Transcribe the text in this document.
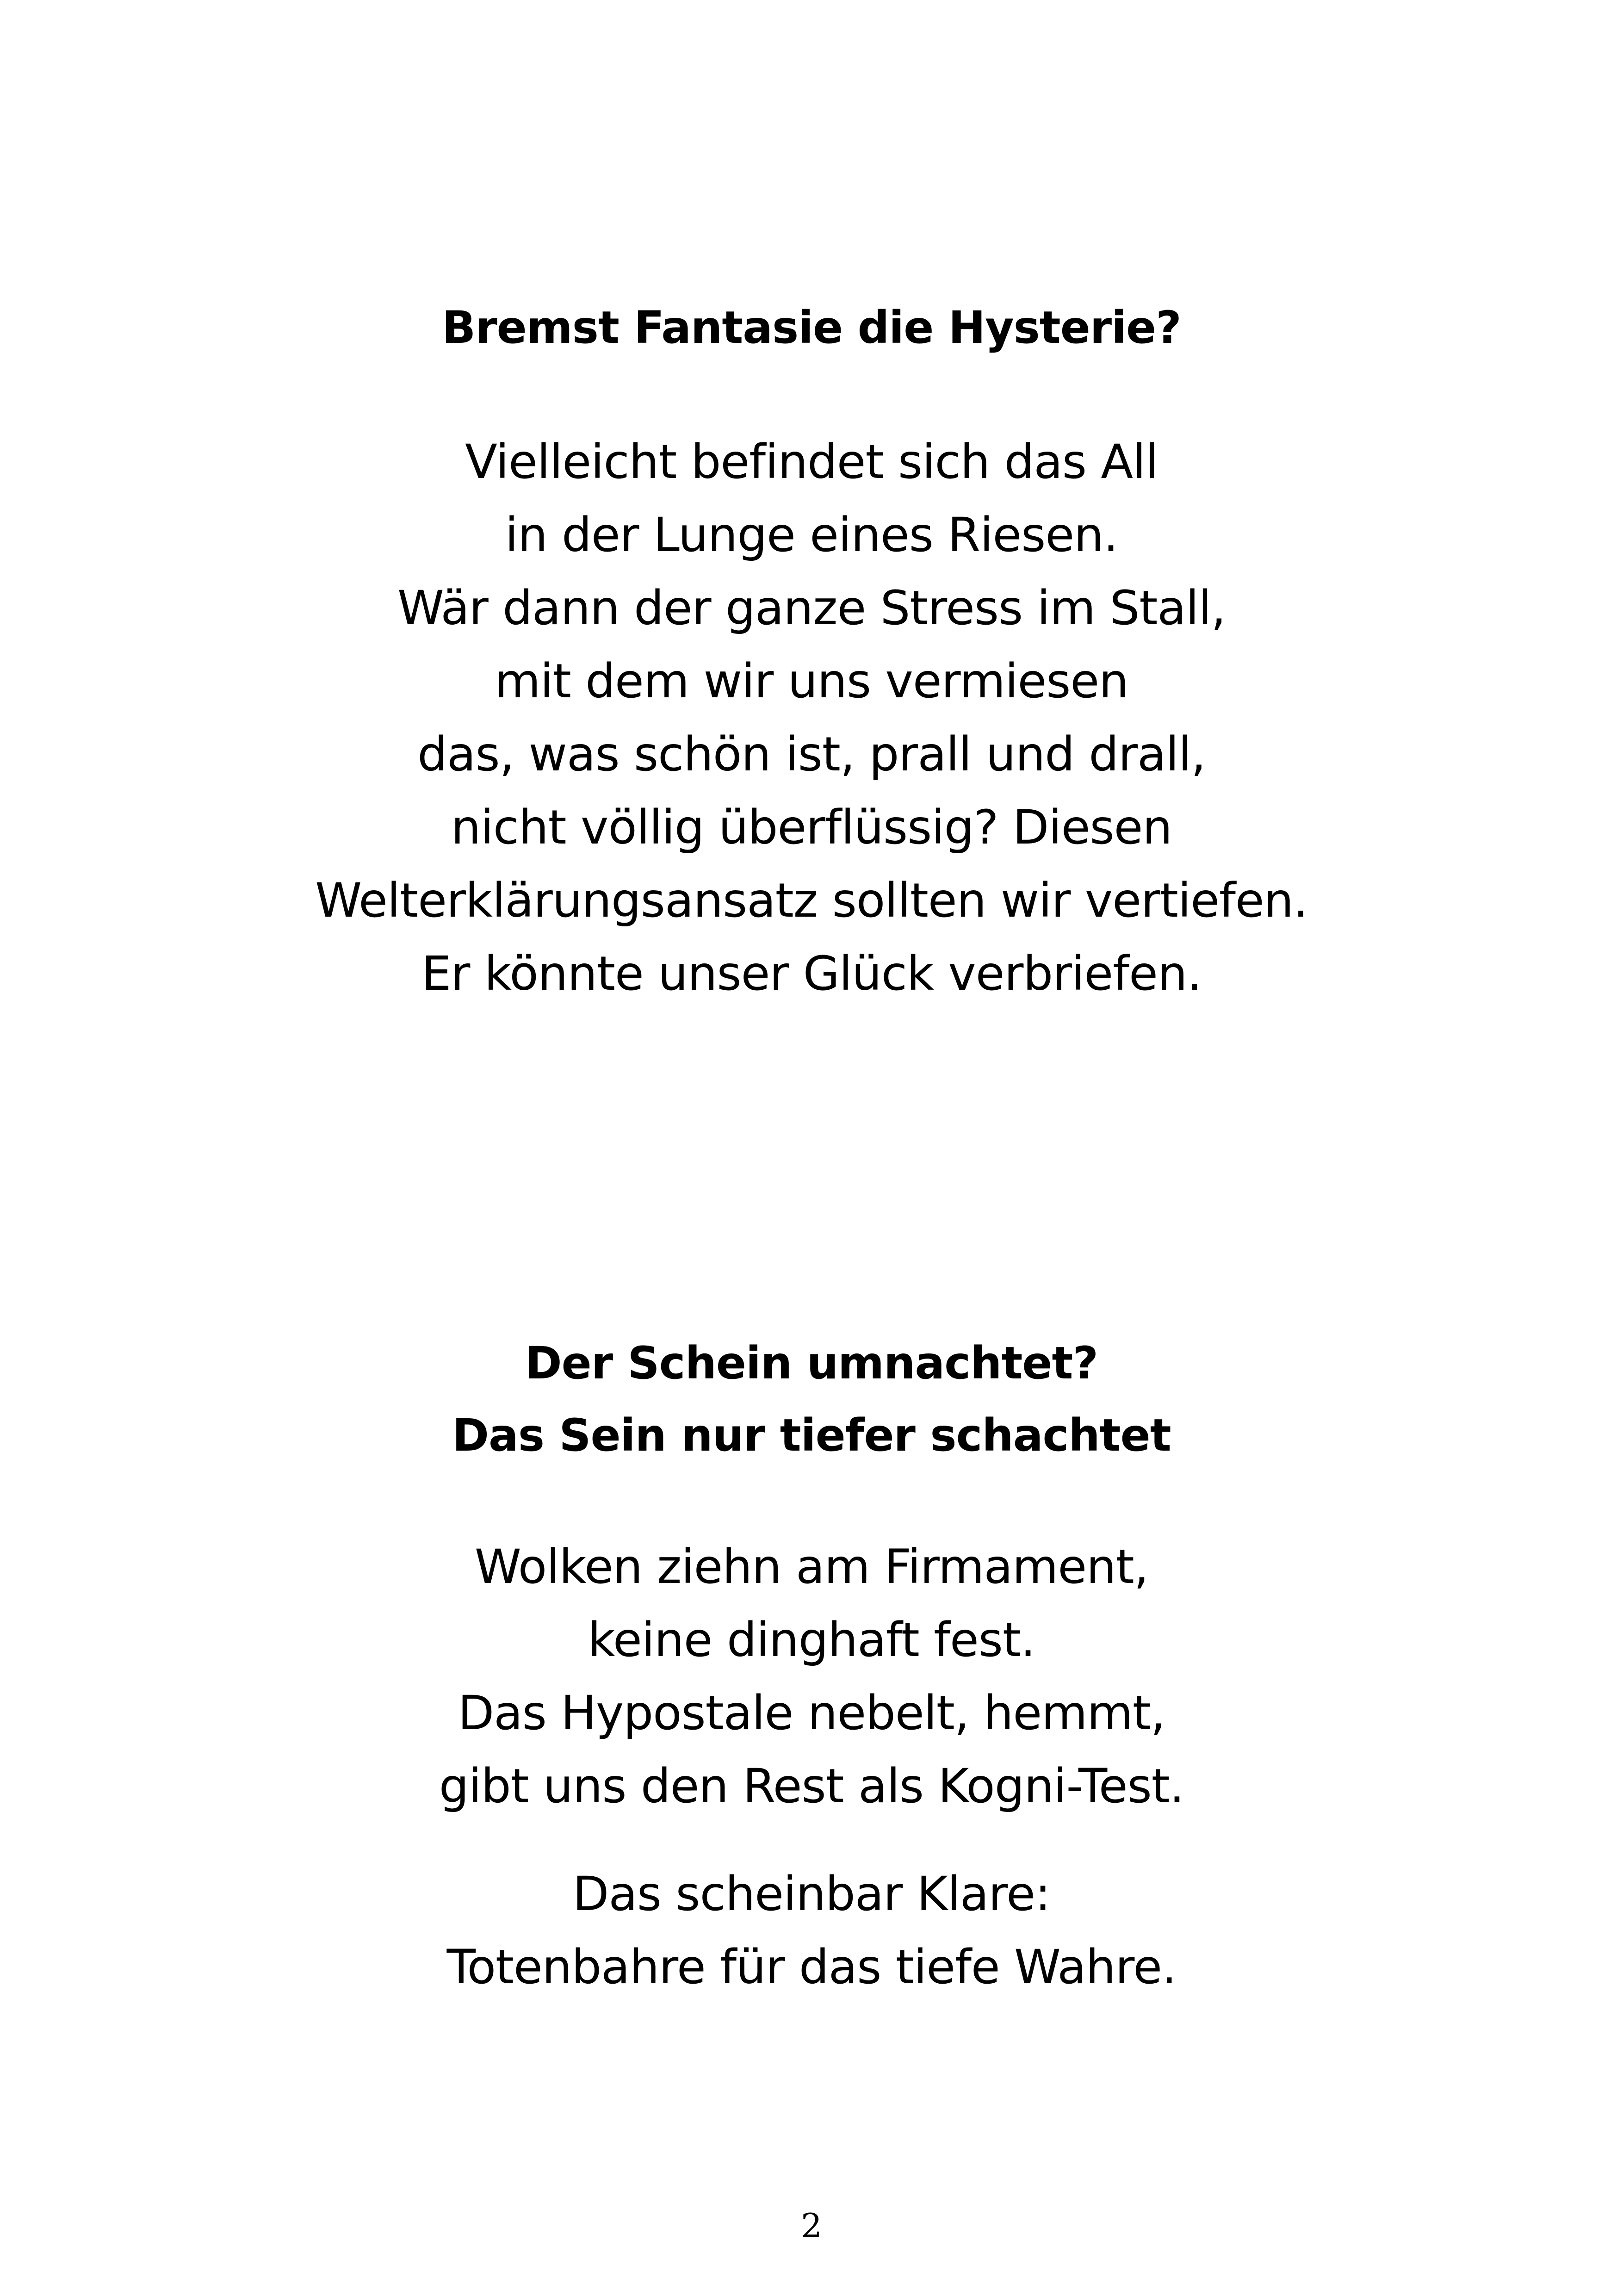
Bremst Fantasie die Hysterie?
Vielleicht befindet sich das All
in der Lunge eines Riesen.
Wär dann der ganze Stress im Stall,
mit dem wir uns vermiesen
das, was schön ist, prall und drall,
nicht völlig überflüssig? Diesen
Welterklärungsansatz sollten wir vertiefen.
Er könnte unser Glück verbriefen.
Der Schein umnachtet?
Das Sein nur tiefer schachtet
Wolken ziehn am Firmament,
keine dinghaft fest.
Das Hypostale nebelt, hemmt,
gibt uns den Rest als Kogni-Test.
Das scheinbar Klare:
Totenbahre für das tiefe Wahre.
2
